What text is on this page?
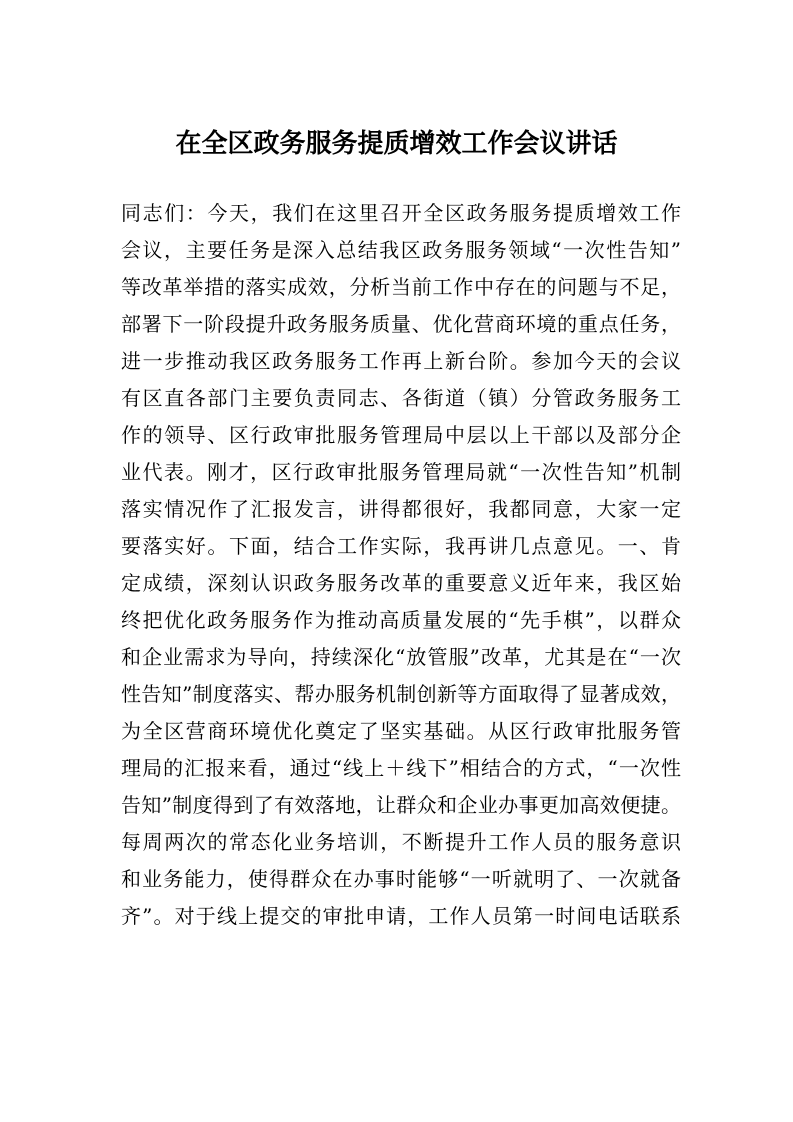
在全区政务服务提质增效工作会议讲话
同志们：今天，我们在这里召开全区政务服务提质增效工作
会议，主要任务是深入总结我区政务服务领域“一次性告知”
等改革举措的落实成效，分析当前工作中存在的问题与不足，
部署下一阶段提升政务服务质量、优化营商环境的重点任务，
进一步推动我区政务服务工作再上新台阶。参加今天的会议
有区直各部门主要负责同志、各街道（镇）分管政务服务工
作的领导、区行政审批服务管理局中层以上干部以及部分企
业代表。刚才，区行政审批服务管理局就“一次性告知”机制
落实情况作了汇报发言，讲得都很好，我都同意，大家一定
要落实好。下面，结合工作实际，我再讲几点意见。一、肯
定成绩，深刻认识政务服务改革的重要意义近年来，我区始
终把优化政务服务作为推动高质量发展的“先手棋”，以群众
和企业需求为导向，持续深化“放管服”改革，尤其是在“一次
性告知”制度落实、帮办服务机制创新等方面取得了显著成效，
为全区营商环境优化奠定了坚实基础。从区行政审批服务管
理局的汇报来看，通过“线上＋线下”相结合的方式，“一次性
告知”制度得到了有效落地，让群众和企业办事更加高效便捷。
每周两次的常态化业务培训，不断提升工作人员的服务意识
和业务能力，使得群众在办事时能够“一听就明了、一次就备
齐”。对于线上提交的审批申请，工作人员第一时间电话联系
